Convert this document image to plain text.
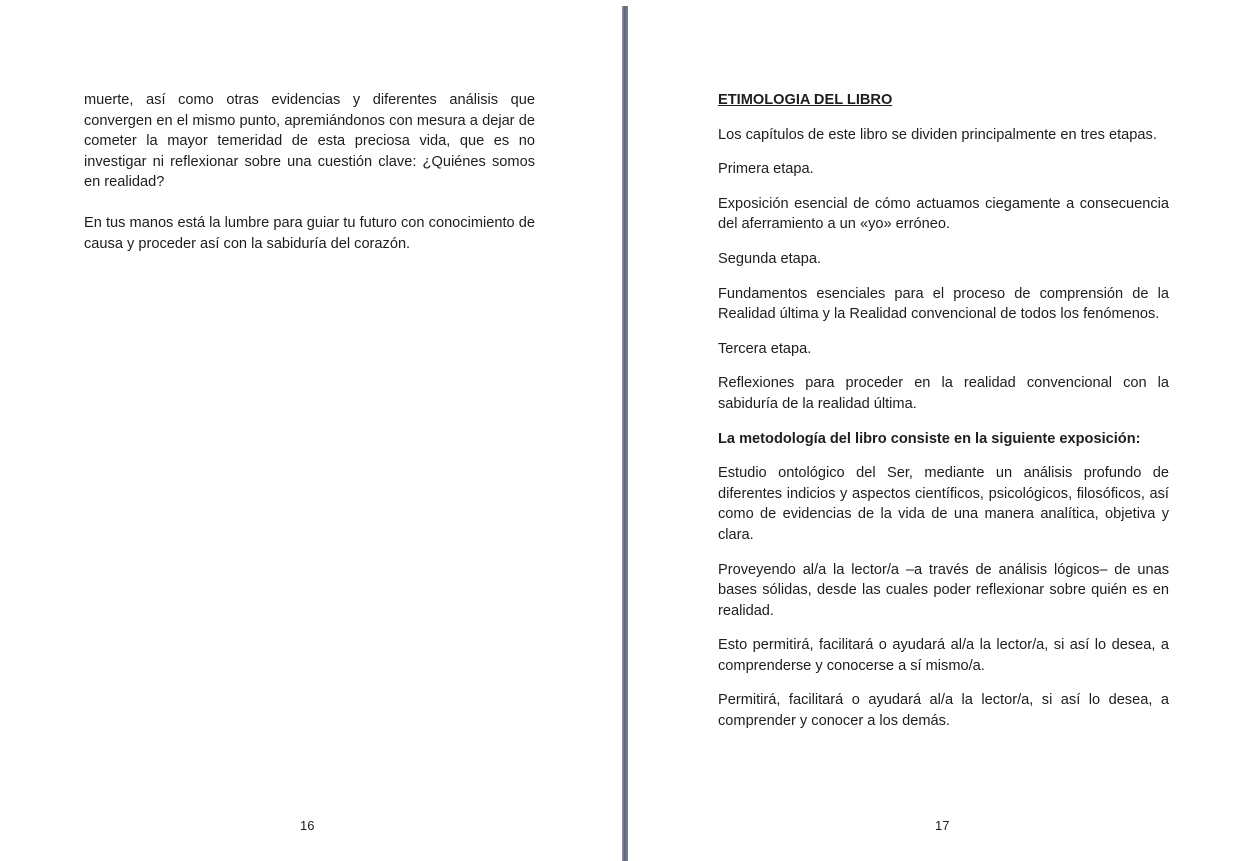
muerte, así como otras evidencias y diferentes análisis que convergen en el mismo punto, apremiándonos con mesura a dejar de cometer la mayor temeridad de esta preciosa vida, que es no investigar ni reflexionar sobre una cuestión clave: ¿Quiénes somos en realidad?

En tus manos está la lumbre para guiar tu futuro con conocimiento de causa y proceder así con la sabiduría del corazón.

16

ETIMOLOGIA DEL LIBRO

Los capítulos de este libro se dividen principalmente en tres etapas.

Primera etapa.

Exposición esencial de cómo actuamos ciegamente a consecuencia del aferramiento a un «yo» erróneo.

Segunda etapa.

Fundamentos esenciales para el proceso de comprensión de la Realidad última y la Realidad convencional de todos los fenómenos.

Tercera etapa.

Reflexiones para proceder en la realidad convencional con la sabiduría de la realidad última.

La metodología del libro consiste en la siguiente exposición:

Estudio ontológico del Ser, mediante un análisis profundo de diferentes indicios y aspectos científicos, psicológicos, filosóficos, así como de evidencias de la vida de una manera analítica, objetiva y clara.

Proveyendo al/a la lector/a –a través de análisis lógicos– de unas bases sólidas, desde las cuales poder reflexionar sobre quién es en realidad.

Esto permitirá, facilitará o ayudará al/a la lector/a, si así lo desea, a comprenderse y conocerse a sí mismo/a.

Permitirá, facilitará o ayudará al/a la lector/a, si así lo desea, a comprender y conocer a los demás.

17
